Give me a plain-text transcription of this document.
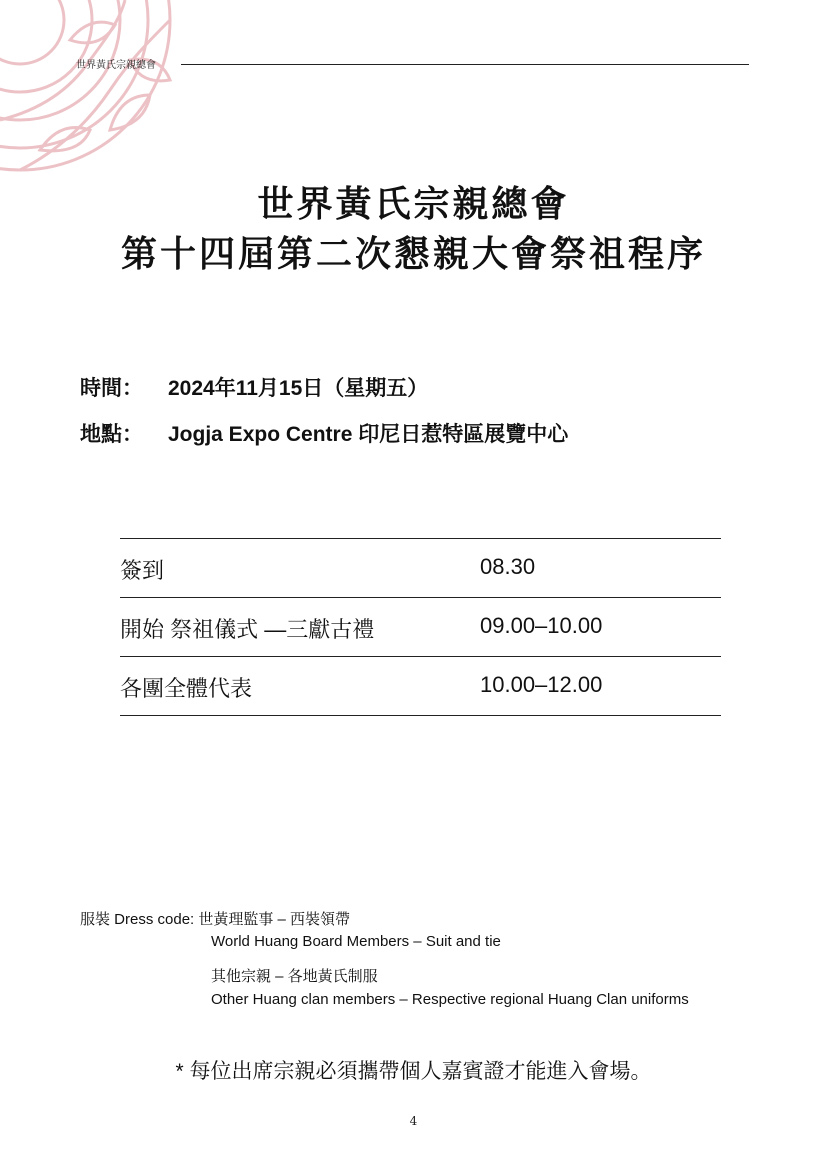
世界黃氏宗親總會
世界黃氏宗親總會
第十四屆第二次懇親大會祭祖程序
時間： 2024年11月15日（星期五）
地點： Jogja Expo Centre 印尼日惹特區展覽中心
簽到	08.30
開始 祭祖儀式 —三獻古禮	09.00–10.00
各團全體代表	10.00–12.00
服裝 Dress code: 世黃理監事 – 西裝領帶
World Huang Board Members – Suit and tie
其他宗親 – 各地黃氏制服
Other Huang clan members – Respective regional Huang Clan uniforms
* 每位出席宗親必須攜帶個人嘉賓證才能進入會場。
4
